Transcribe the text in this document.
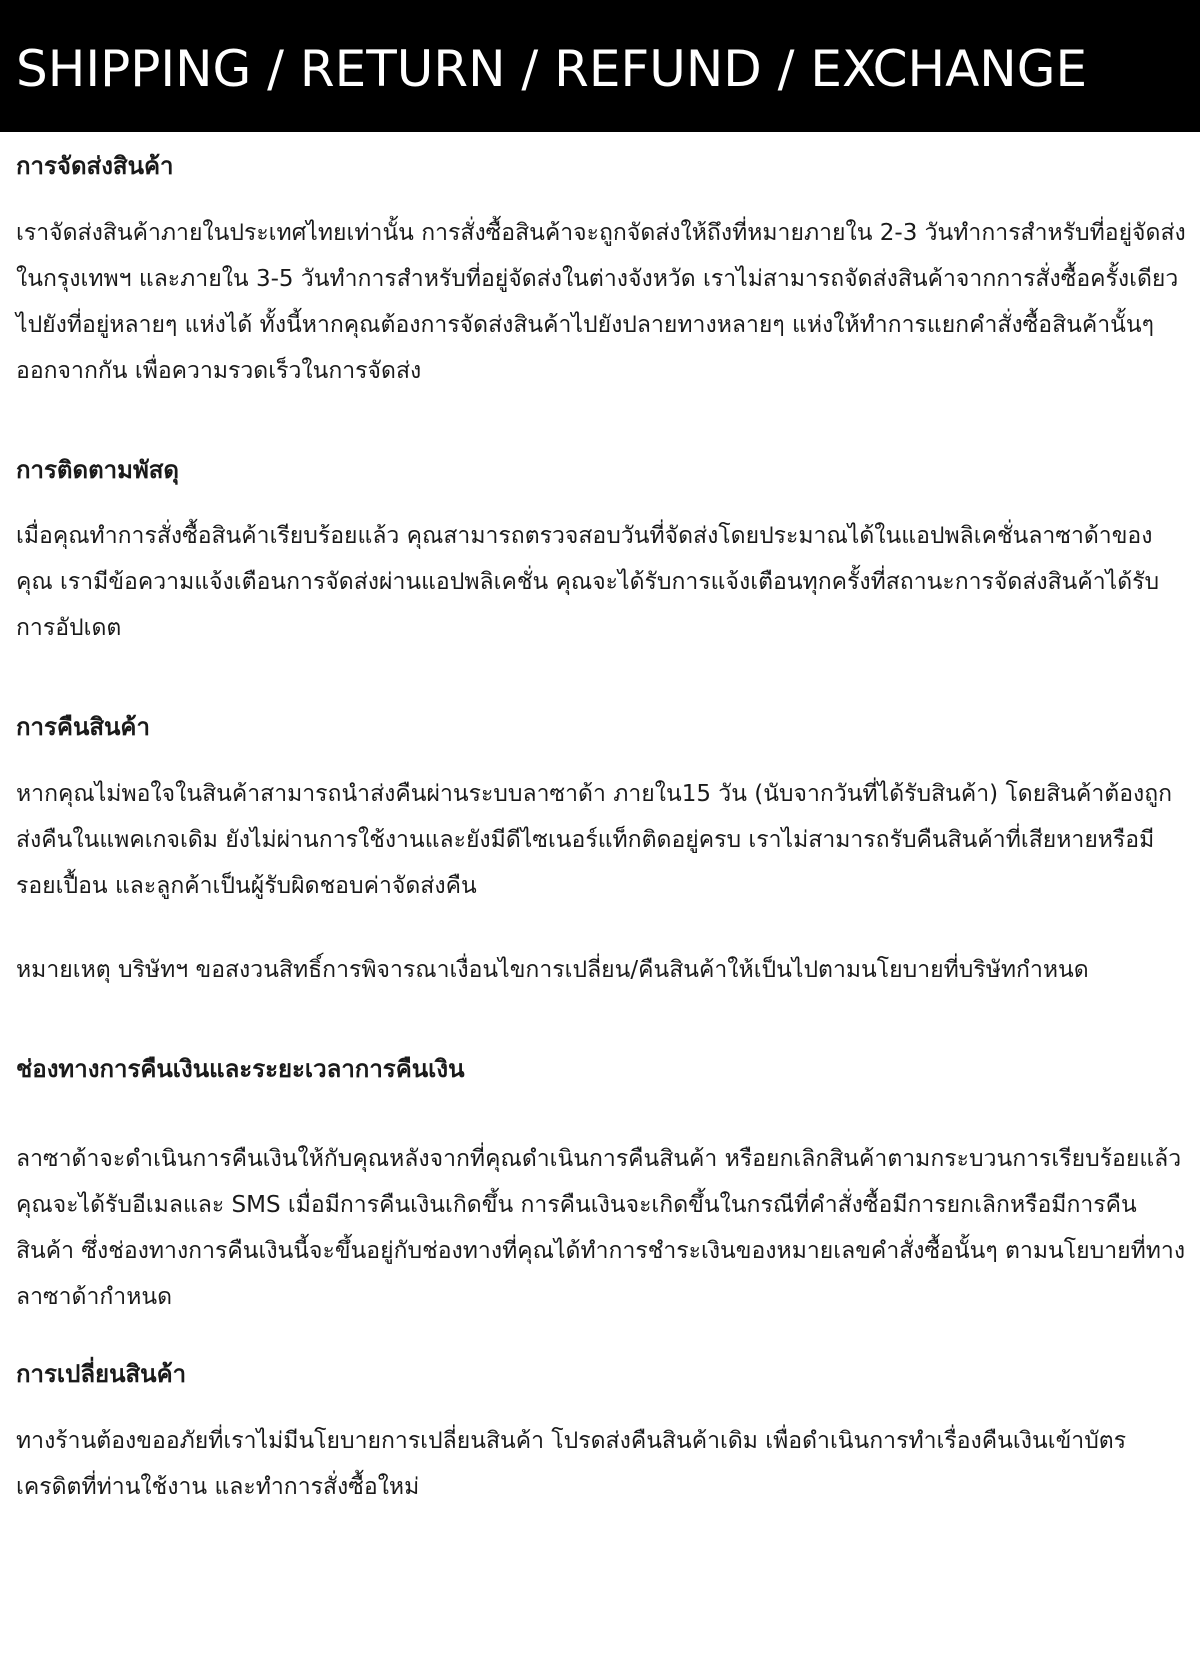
SHIPPING / RETURN / REFUND / EXCHANGE
การจัดส่งสินค้า

เราจัดส่งสินค้าภายในประเทศไทยเท่านั้น การสั่งซื้อสินค้าจะถูกจัดส่งให้ถึงที่หมายภายใน 2-3 วันทำการสำหรับที่อยู่จัดส่งในกรุงเทพฯ และภายใน 3-5 วันทำการสำหรับที่อยู่จัดส่งในต่างจังหวัด เราไม่สามารถจัดส่งสินค้าจากการสั่งซื้อครั้งเดียวไปยังที่อยู่หลายๆ แห่งได้ ทั้งนี้หากคุณต้องการจัดส่งสินค้าไปยังปลายทางหลายๆ แห่งให้ทำการแยกคำสั่งซื้อสินค้านั้นๆออกจากกัน เพื่อความรวดเร็วในการจัดส่ง

การติดตามพัสดุ

เมื่อคุณทำการสั่งซื้อสินค้าเรียบร้อยแล้ว คุณสามารถตรวจสอบวันที่จัดส่งโดยประมาณได้ในแอปพลิเคชั่นลาซาด้าของคุณ เรามีข้อความแจ้งเตือนการจัดส่งผ่านแอปพลิเคชั่น คุณจะได้รับการแจ้งเตือนทุกครั้งที่สถานะการจัดส่งสินค้าได้รับการอัปเดต

การคืนสินค้า

หากคุณไม่พอใจในสินค้าสามารถนำส่งคืนผ่านระบบลาซาด้า ภายใน15 วัน (นับจากวันที่ได้รับสินค้า) โดยสินค้าต้องถูกส่งคืนในแพคเกจเดิม ยังไม่ผ่านการใช้งานและยังมีดีไซเนอร์แท็กติดอยู่ครบ เราไม่สามารถรับคืนสินค้าที่เสียหายหรือมีรอยเปื้อน และลูกค้าเป็นผู้รับผิดชอบค่าจัดส่งคืน

หมายเหตุ บริษัทฯ ขอสงวนสิทธิ์การพิจารณาเงื่อนไขการเปลี่ยน/คืนสินค้าให้เป็นไปตามนโยบายที่บริษัทกำหนด

ช่องทางการคืนเงินและระยะเวลาการคืนเงิน

ลาซาด้าจะดำเนินการคืนเงินให้กับคุณหลังจากที่คุณดำเนินการคืนสินค้า หรือยกเลิกสินค้าตามกระบวนการเรียบร้อยแล้ว คุณจะได้รับอีเมลและ SMS เมื่อมีการคืนเงินเกิดขึ้น การคืนเงินจะเกิดขึ้นในกรณีที่คำสั่งซื้อมีการยกเลิกหรือมีการคืนสินค้า ซึ่งช่องทางการคืนเงินนี้จะขึ้นอยู่กับช่องทางที่คุณได้ทำการชำระเงินของหมายเลขคำสั่งซื้อนั้นๆ ตามนโยบายที่ทางลาซาด้ากำหนด

การเปลี่ยนสินค้า

ทางร้านต้องขออภัยที่เราไม่มีนโยบายการเปลี่ยนสินค้า โปรดส่งคืนสินค้าเดิม เพื่อดำเนินการทำเรื่องคืนเงินเข้าบัตรเครดิตที่ท่านใช้งาน และทำการสั่งซื้อใหม่
